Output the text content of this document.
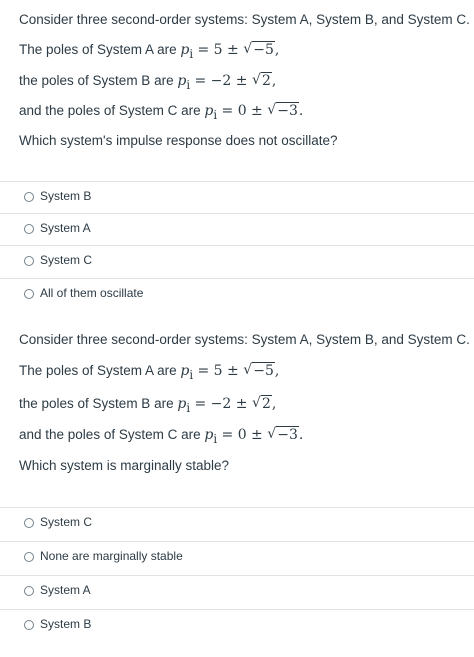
Consider three second-order systems: System A, System B, and System C.
The poles of System A are $p_i = 5$ ± √ −5,
the poles of System B are $p_i = -2$ ± √ 2,
and the poles of System C are $p_i = 0$ ± √ −3.
Which system's impulse response does not oscillate?
System B
System A
System C
All of them oscillate
Consider three second-order systems: System A, System B, and System C.
The poles of System A are $p_i = 5$ ± √ −5,
the poles of System B are $p_i = -2$ ± √ 2,
and the poles of System C are $p_i = 0$ ± √ −3.
Which system is marginally stable?
System C
None are marginally stable
System A
System B
